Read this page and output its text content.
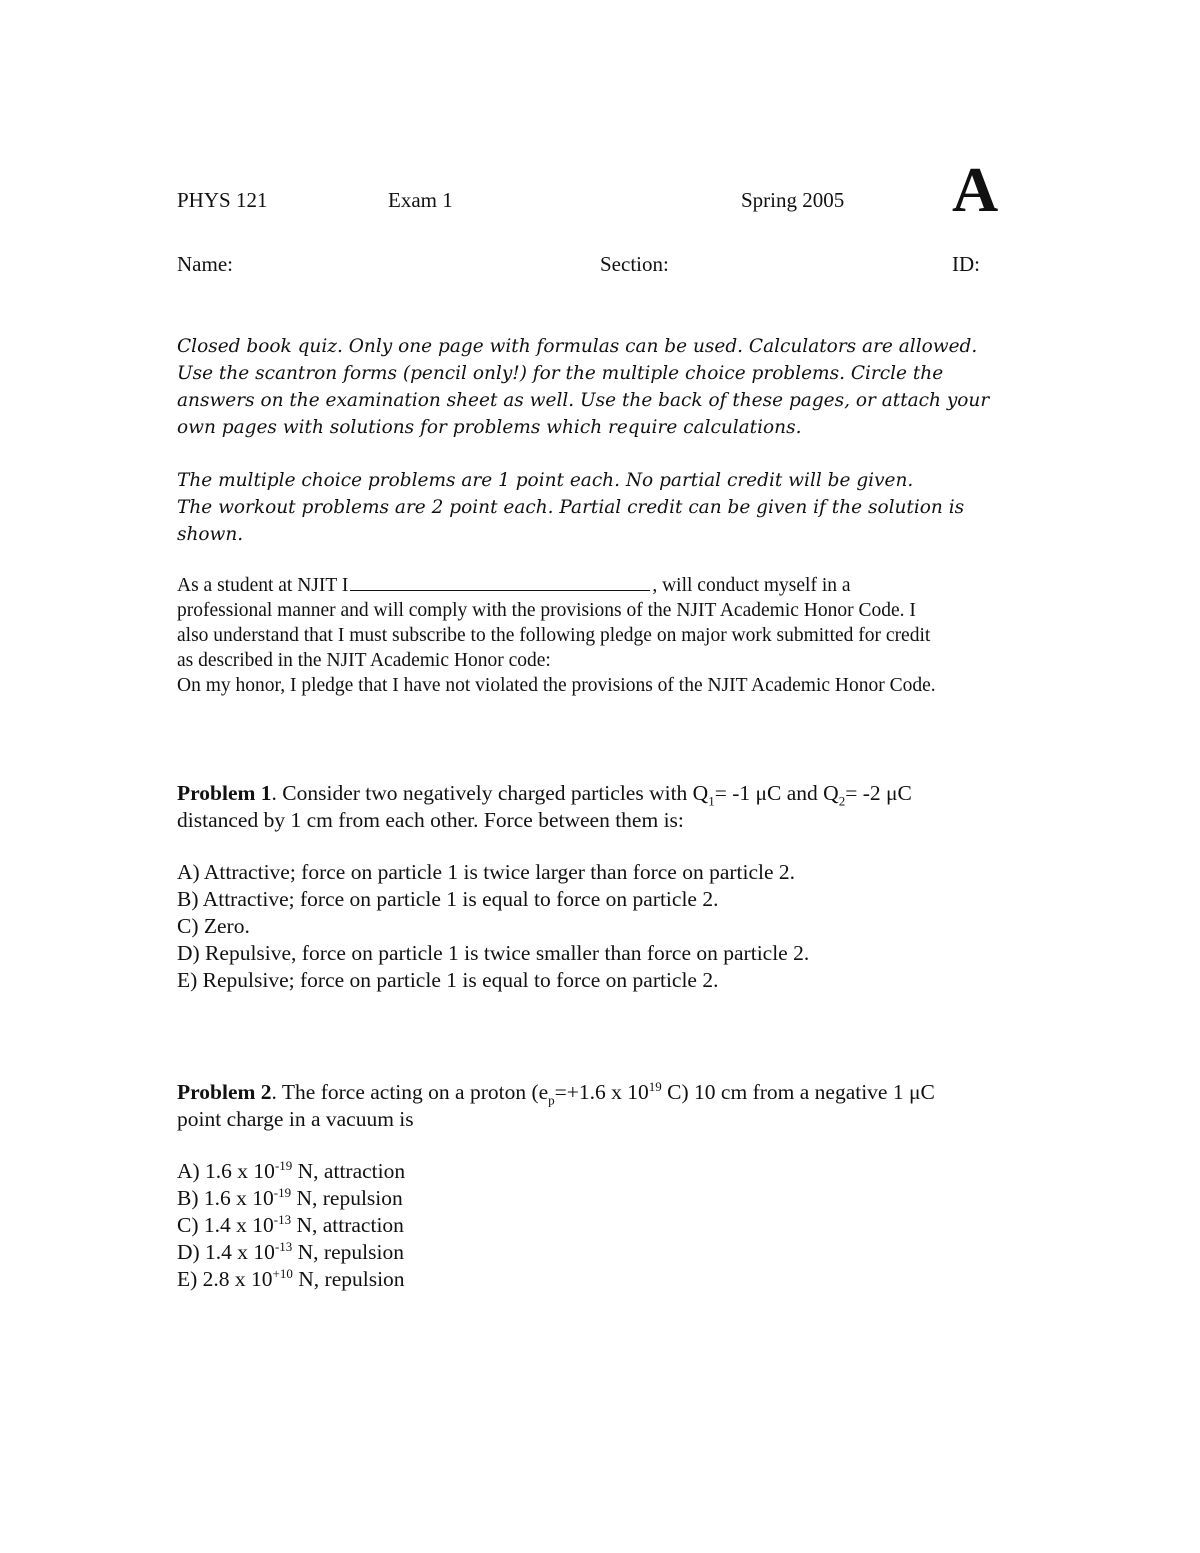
PHYS 121	Exam 1	Spring 2005 A
Name:	Section:	ID:
Closed book quiz. Only one page with formulas can be used. Calculators are allowed.
Use the scantron forms (pencil only!) for the multiple choice problems. Circle the
answers on the examination sheet as well. Use the back of these pages, or attach your
own pages with solutions for problems which require calculations.
The multiple choice problems are 1 point each. No partial credit will be given.
The workout problems are 2 point each. Partial credit can be given if the solution is
shown.
As a student at NJIT I	, will conduct myself in a
professional manner and will comply with the provisions of the NJIT Academic Honor Code. I
also understand that I must subscribe to the following pledge on major work submitted for credit
as described in the NJIT Academic Honor code:
On my honor, I pledge that I have not violated the provisions of the NJIT Academic Honor Code.
Problem 1. Consider two negatively charged particles with $Q_1= -1$ μC and $Q_2= -2$ μC
distanced by 1 cm from each other. Force between them is:
A) Attractive; force on particle 1 is twice larger than force on particle 2.
B) Attractive; force on particle 1 is equal to force on particle 2.
C) Zero.
D) Repulsive, force on particle 1 is twice smaller than force on particle 2.
E) Repulsive; force on particle 1 is equal to force on particle 2.
Problem 2. The force acting on a proton ($e_p=+1.6$ x $10^{19}$ C) 10 cm from a negative 1 μC
point charge in a vacuum is
A) 1.6 x $10^{-19}$ N, attraction
B) 1.6 x $10^{-19}$ N, repulsion
C) 1.4 x $10^{-13}$ N, attraction
D) 1.4 x $10^{-13}$ N, repulsion
E) 2.8 x $10^{+10}$ N, repulsion
